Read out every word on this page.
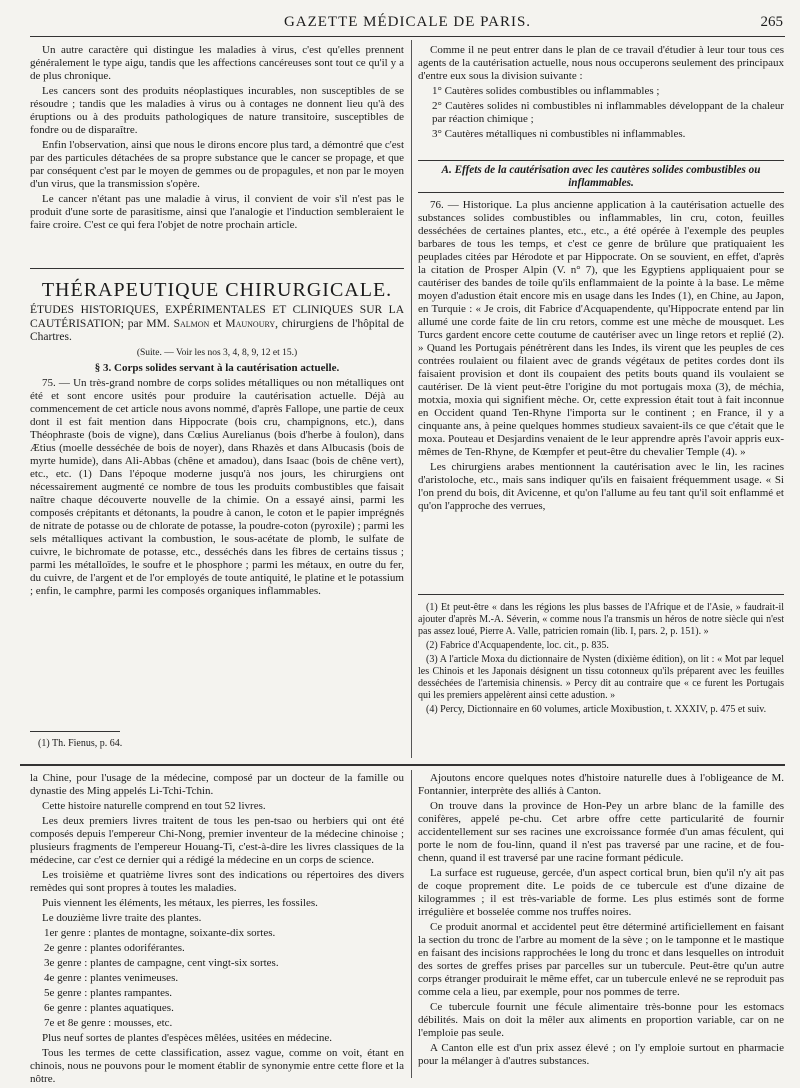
GAZETTE MÉDICALE DE PARIS.	265

Un autre caractère qui distingue les maladies à virus, c'est qu'elles prennent généralement le type aigu, tandis que les affections cancéreuses sont tout ce qu'il y a de plus chronique.

Les cancers sont des produits néoplastiques incurables, non susceptibles de se résoudre ; tandis que les maladies à virus ou à contages ne donnent lieu qu'à des éruptions ou à des produits pathologiques de nature transitoire, susceptibles de fondre ou de disparaître.

Enfin l'observation, ainsi que nous le dirons encore plus tard, a démontré que c'est par des particules détachées de sa propre substance que le cancer se propage, et que par conséquent c'est par le moyen de gemmes ou de propagules, et non par le moyen d'un virus, que la transmission s'opère.

Le cancer n'étant pas une maladie à virus, il convient de voir s'il n'est pas le produit d'une sorte de parasitisme, ainsi que l'analogie et l'induction sembleraient le faire croire. C'est ce qui fera l'objet de notre prochain article.

THÉRAPEUTIQUE CHIRURGICALE.

ÉTUDES HISTORIQUES, EXPÉRIMENTALES ET CLINIQUES SUR LA CAUTÉRISATION; par MM. Salmon et Maunoury, chirurgiens de l'hôpital de Chartres.

(Suite. — Voir les nos 3, 4, 8, 9, 12 et 15.)

§ 3. Corps solides servant à la cautérisation actuelle.

75. — Un très-grand nombre de corps solides métalliques ou non métalliques ont été et sont encore usités pour produire la cautérisation actuelle. Déjà au commencement de cet article nous avons nommé, d'après Fallope, une partie de ceux dont il est fait mention dans Hippocrate (bois cru, champignons, etc.), dans Théophraste (bois de vigne), dans Cœlius Aurelianus (bois d'herbe à foulon), dans Ætius (moelle desséchée de bois de noyer), dans Rhazès et dans Albucasis (bois de myrte humide), dans Ali-Abbas (chêne et amadou), dans Isaac (bois de chêne vert), etc., etc. (1) Dans l'époque moderne jusqu'à nos jours, les chirurgiens ont nécessairement augmenté ce nombre de tous les produits combustibles que faisait naître chaque découverte nouvelle de la chimie. On a essayé ainsi, parmi les composés crépitants et détonants, la poudre à canon, le coton et le papier imprégnés de nitrate de potasse ou de chlorate de potasse, la poudre-coton (pyroxile) ; parmi les sels métalliques activant la combustion, le sous-acétate de plomb, le sulfate de cuivre, le bichromate de potasse, etc., desséchés dans les fibres de certains tissus ; parmi les métalloïdes, le soufre et le phosphore ; parmi les métaux, en outre du fer, du cuivre, de l'argent et de l'or employés de toute antiquité, le platine et le potassium ; enfin, le camphre, parmi les composés organiques inflammables.

(1) Th. Fienus, p. 64.

Comme il ne peut entrer dans le plan de ce travail d'étudier à leur tour tous ces agents de la cautérisation actuelle, nous nous occuperons seulement des principaux d'entre eux sous la division suivante :

1° Cautères solides combustibles ou inflammables ;

2° Cautères solides ni combustibles ni inflammables développant de la chaleur par réaction chimique ;

3° Cautères métalliques ni combustibles ni inflammables.

A. Effets de la cautérisation avec les cautères solides combustibles ou inflammables.

76. — Historique. La plus ancienne application à la cautérisation actuelle des substances solides combustibles ou inflammables, lin cru, coton, feuilles desséchées de certaines plantes, etc., etc., a été opérée à l'exemple des peuples barbares de tous les temps, et c'est ce genre de brûlure que pratiquaient les peuplades citées par Hérodote et par Hippocrate. On se souvient, en effet, d'après la citation de Prosper Alpin (V. n° 7), que les Egyptiens appliquaient pour se cautériser des bandes de toile qu'ils enflammaient de la pointe à la base. Le même moyen d'adustion était encore mis en usage dans les Indes (1), en Chine, au Japon, en Turquie : « Je crois, dit Fabrice d'Acquapendente, qu'Hippocrate entend par lin allumé une corde faite de lin cru retors, comme est une mèche de mousquet. Les Turcs gardent encore cette coutume de cautériser avec un linge retors et replié (2). » Quand les Portugais pénétrèrent dans les Indes, ils virent que les peuples de ces contrées roulaient ou filaient avec de grands végétaux de petites cordes dont ils faisaient provision et dont ils coupaient des petits bouts quand ils voulaient se cautériser. De là vient peut-être l'origine du mot portugais moxa (3), de méchia, motxia, moxia qui signifient mèche. Or, cette expression était tout à fait inconnue en Occident quand Ten-Rhyne l'importa sur le continent ; en France, il y a cinquante ans, à peine quelques hommes studieux savaient-ils ce que c'était que le moxa. Pouteau et Desjardins venaient de le leur apprendre après l'avoir appris eux-mêmes de Ten-Rhyne, de Kœmpfer et peut-être du chevalier Temple (4). »

Les chirurgiens arabes mentionnent la cautérisation avec le lin, les racines d'aristoloche, etc., mais sans indiquer qu'ils en faisaient fréquemment usage. « Si l'on prend du bois, dit Avicenne, et qu'on l'allume au feu tant qu'il soit enflammé et qu'on l'approche des verrues,

(1) Et peut-être « dans les régions les plus basses de l'Afrique et de l'Asie, » faudrait-il ajouter d'après M.-A. Séverin, « comme nous l'a transmis un héros de notre siècle qui n'est pas assez loué, Pierre A. Valle, patricien romain (lib. I, pars. 2, p. 151). »

(2) Fabrice d'Acquapendente, loc. cit., p. 835.

(3) A l'article Moxa du dictionnaire de Nysten (dixième édition), on lit : « Mot par lequel les Chinois et les Japonais désignent un tissu cotonneux qu'ils préparent avec les feuilles desséchées de l'artemisia chinensis. » Percy dit au contraire que « ce furent les Portugais qui les premiers appelèrent ainsi cette adustion. »

(4) Percy, Dictionnaire en 60 volumes, article Moxibustion, t. XXXIV, p. 475 et suiv.

la Chine, pour l'usage de la médecine, composé par un docteur de la famille ou dynastie des Ming appelés Li-Tchi-Tchin.

Cette histoire naturelle comprend en tout 52 livres.

Les deux premiers livres traitent de tous les pen-tsao ou herbiers qui ont été composés depuis l'empereur Chi-Nong, premier inventeur de la médecine chinoise ; plusieurs fragments de l'empereur Houang-Ti, c'est-à-dire les livres classiques de la médecine, car c'est ce dernier qui a rédigé la médecine en un corps de science.

Les troisième et quatrième livres sont des indications ou répertoires des divers remèdes qui sont propres à toutes les maladies.

Puis viennent les éléments, les métaux, les pierres, les fossiles.

Le douzième livre traite des plantes.

1er genre : plantes de montagne, soixante-dix sortes.

2e genre : plantes odoriférantes.

3e genre : plantes de campagne, cent vingt-six sortes.

4e genre : plantes venimeuses.

5e genre : plantes rampantes.

6e genre : plantes aquatiques.

7e et 8e genre : mousses, etc.

Plus neuf sortes de plantes d'espèces mêlées, usitées en médecine.

Tous les termes de cette classification, assez vague, comme on voit, étant en chinois, nous ne pouvons pour le moment établir de synonymie entre cette flore et la nôtre.

Ajoutons encore quelques notes d'histoire naturelle dues à l'obligeance de M. Fontannier, interprète des alliés à Canton.

On trouve dans la province de Hon-Pey un arbre blanc de la famille des conifères, appelé pe-chu. Cet arbre offre cette particularité de fournir accidentellement sur ses racines une excroissance formée d'un amas féculent, qui porte le nom de fou-linn, quand il n'est pas traversé par une racine, et de fou-chenn, quand il est traversé par une racine formant pédicule.

La surface est rugueuse, gercée, d'un aspect cortical brun, bien qu'il n'y ait pas de coque proprement dite. Le poids de ce tubercule est d'une dizaine de kilogrammes ; il est très-variable de forme. Les plus estimés sont de forme irrégulière et bosselée comme nos truffes noires.

Ce produit anormal et accidentel peut être déterminé artificiellement en faisant la section du tronc de l'arbre au moment de la sève ; on le tamponne et le mastique en faisant des incisions rapprochées le long du tronc et dans lesquelles on introduit des sortes de greffes prises par parcelles sur un tubercule. Peut-être qu'un autre corps étranger produirait le même effet, car un tubercule enlevé ne se reproduit pas comme cela a lieu, par exemple, pour nos pommes de terre.

Ce tubercule fournit une fécule alimentaire très-bonne pour les estomacs débilités. Mais on doit la mêler aux aliments en proportion variable, car on ne l'emploie pas seule.

A Canton elle est d'un prix assez élevé ; on l'y emploie surtout en pharmacie pour la mélanger à d'autres substances.
